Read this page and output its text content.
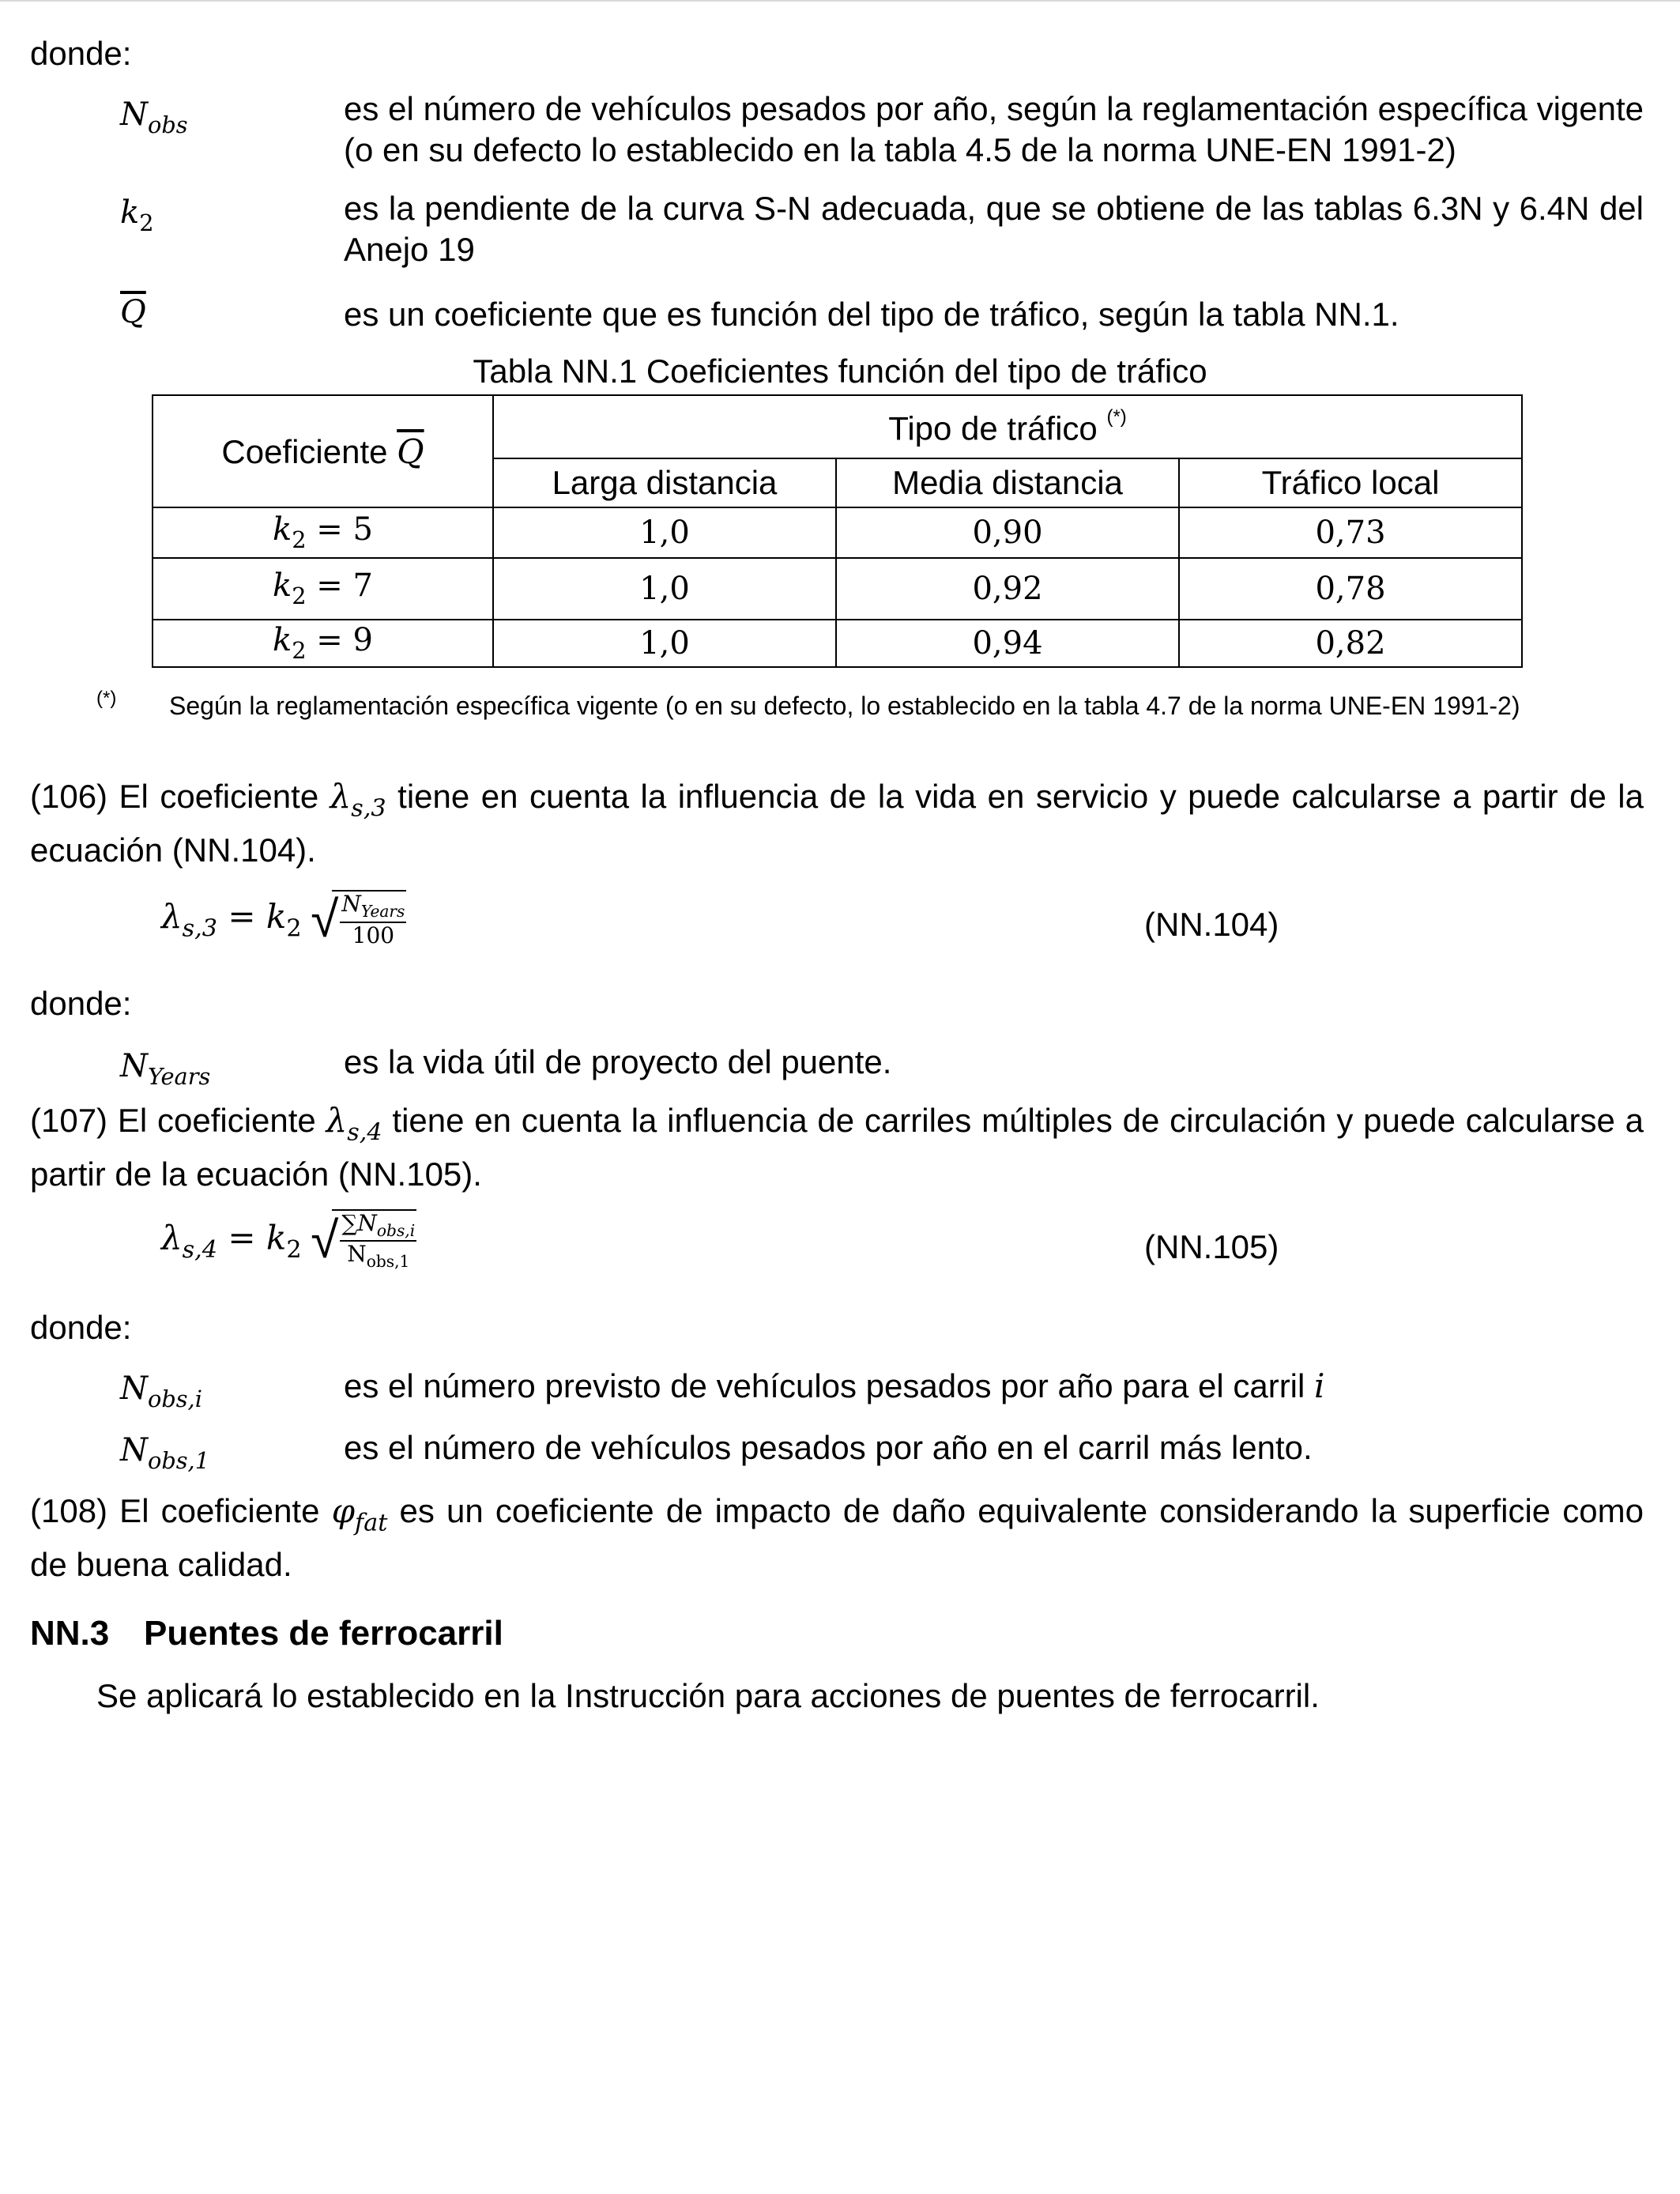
donde:
$N_{obs}$	es el número de vehículos pesados por año, según la reglamentación específica vigente (o en su defecto lo establecido en la tabla 4.5 de la norma UNE-EN 1991-2)
$k_2$	es la pendiente de la curva S-N adecuada, que se obtiene de las tablas 6.3N y 6.4N del Anejo 19
$\overline{Q}$	es un coeficiente que es función del tipo de tráfico, según la tabla NN.1.
Tabla NN.1 Coeficientes función del tipo de tráfico
Coeficiente $\overline{Q}$	Tipo de tráfico (*)
	Larga distancia	Media distancia	Tráfico local
$k_2 = 5$	1,0	0,90	0,73
$k_2 = 7$	1,0	0,92	0,78
$k_2 = 9$	1,0	0,94	0,82
(*) Según la reglamentación específica vigente (o en su defecto, lo establecido en la tabla 4.7 de la norma UNE-EN 1991-2)
(106) El coeficiente $\lambda_{s,3}$ tiene en cuenta la influencia de la vida en servicio y puede calcularse a partir de la ecuación (NN.104).
$\lambda_{s,3} = k_2$ √
$\frac{N_{Years}}{100}$	(NN.104)
donde:
$N_{Years}$	es la vida útil de proyecto del puente.
(107) El coeficiente $\lambda_{s,4}$ tiene en cuenta la influencia de carriles múltiples de circulación y puede calcularse a partir de la ecuación (NN.105).
$\lambda_{s,4} = k_2$ √
$\frac{\sum N_{obs,i}}{N_{obs,1}}$	(NN.105)
donde:
$N_{obs,i}$	es el número previsto de vehículos pesados por año para el carril i
$N_{obs,1}$	es el número de vehículos pesados por año en el carril más lento.
(108) El coeficiente $\varphi_{fat}$ es un coeficiente de impacto de daño equivalente considerando la superficie como de buena calidad.
NN.3 Puentes de ferrocarril
Se aplicará lo establecido en la Instrucción para acciones de puentes de ferrocarril.
